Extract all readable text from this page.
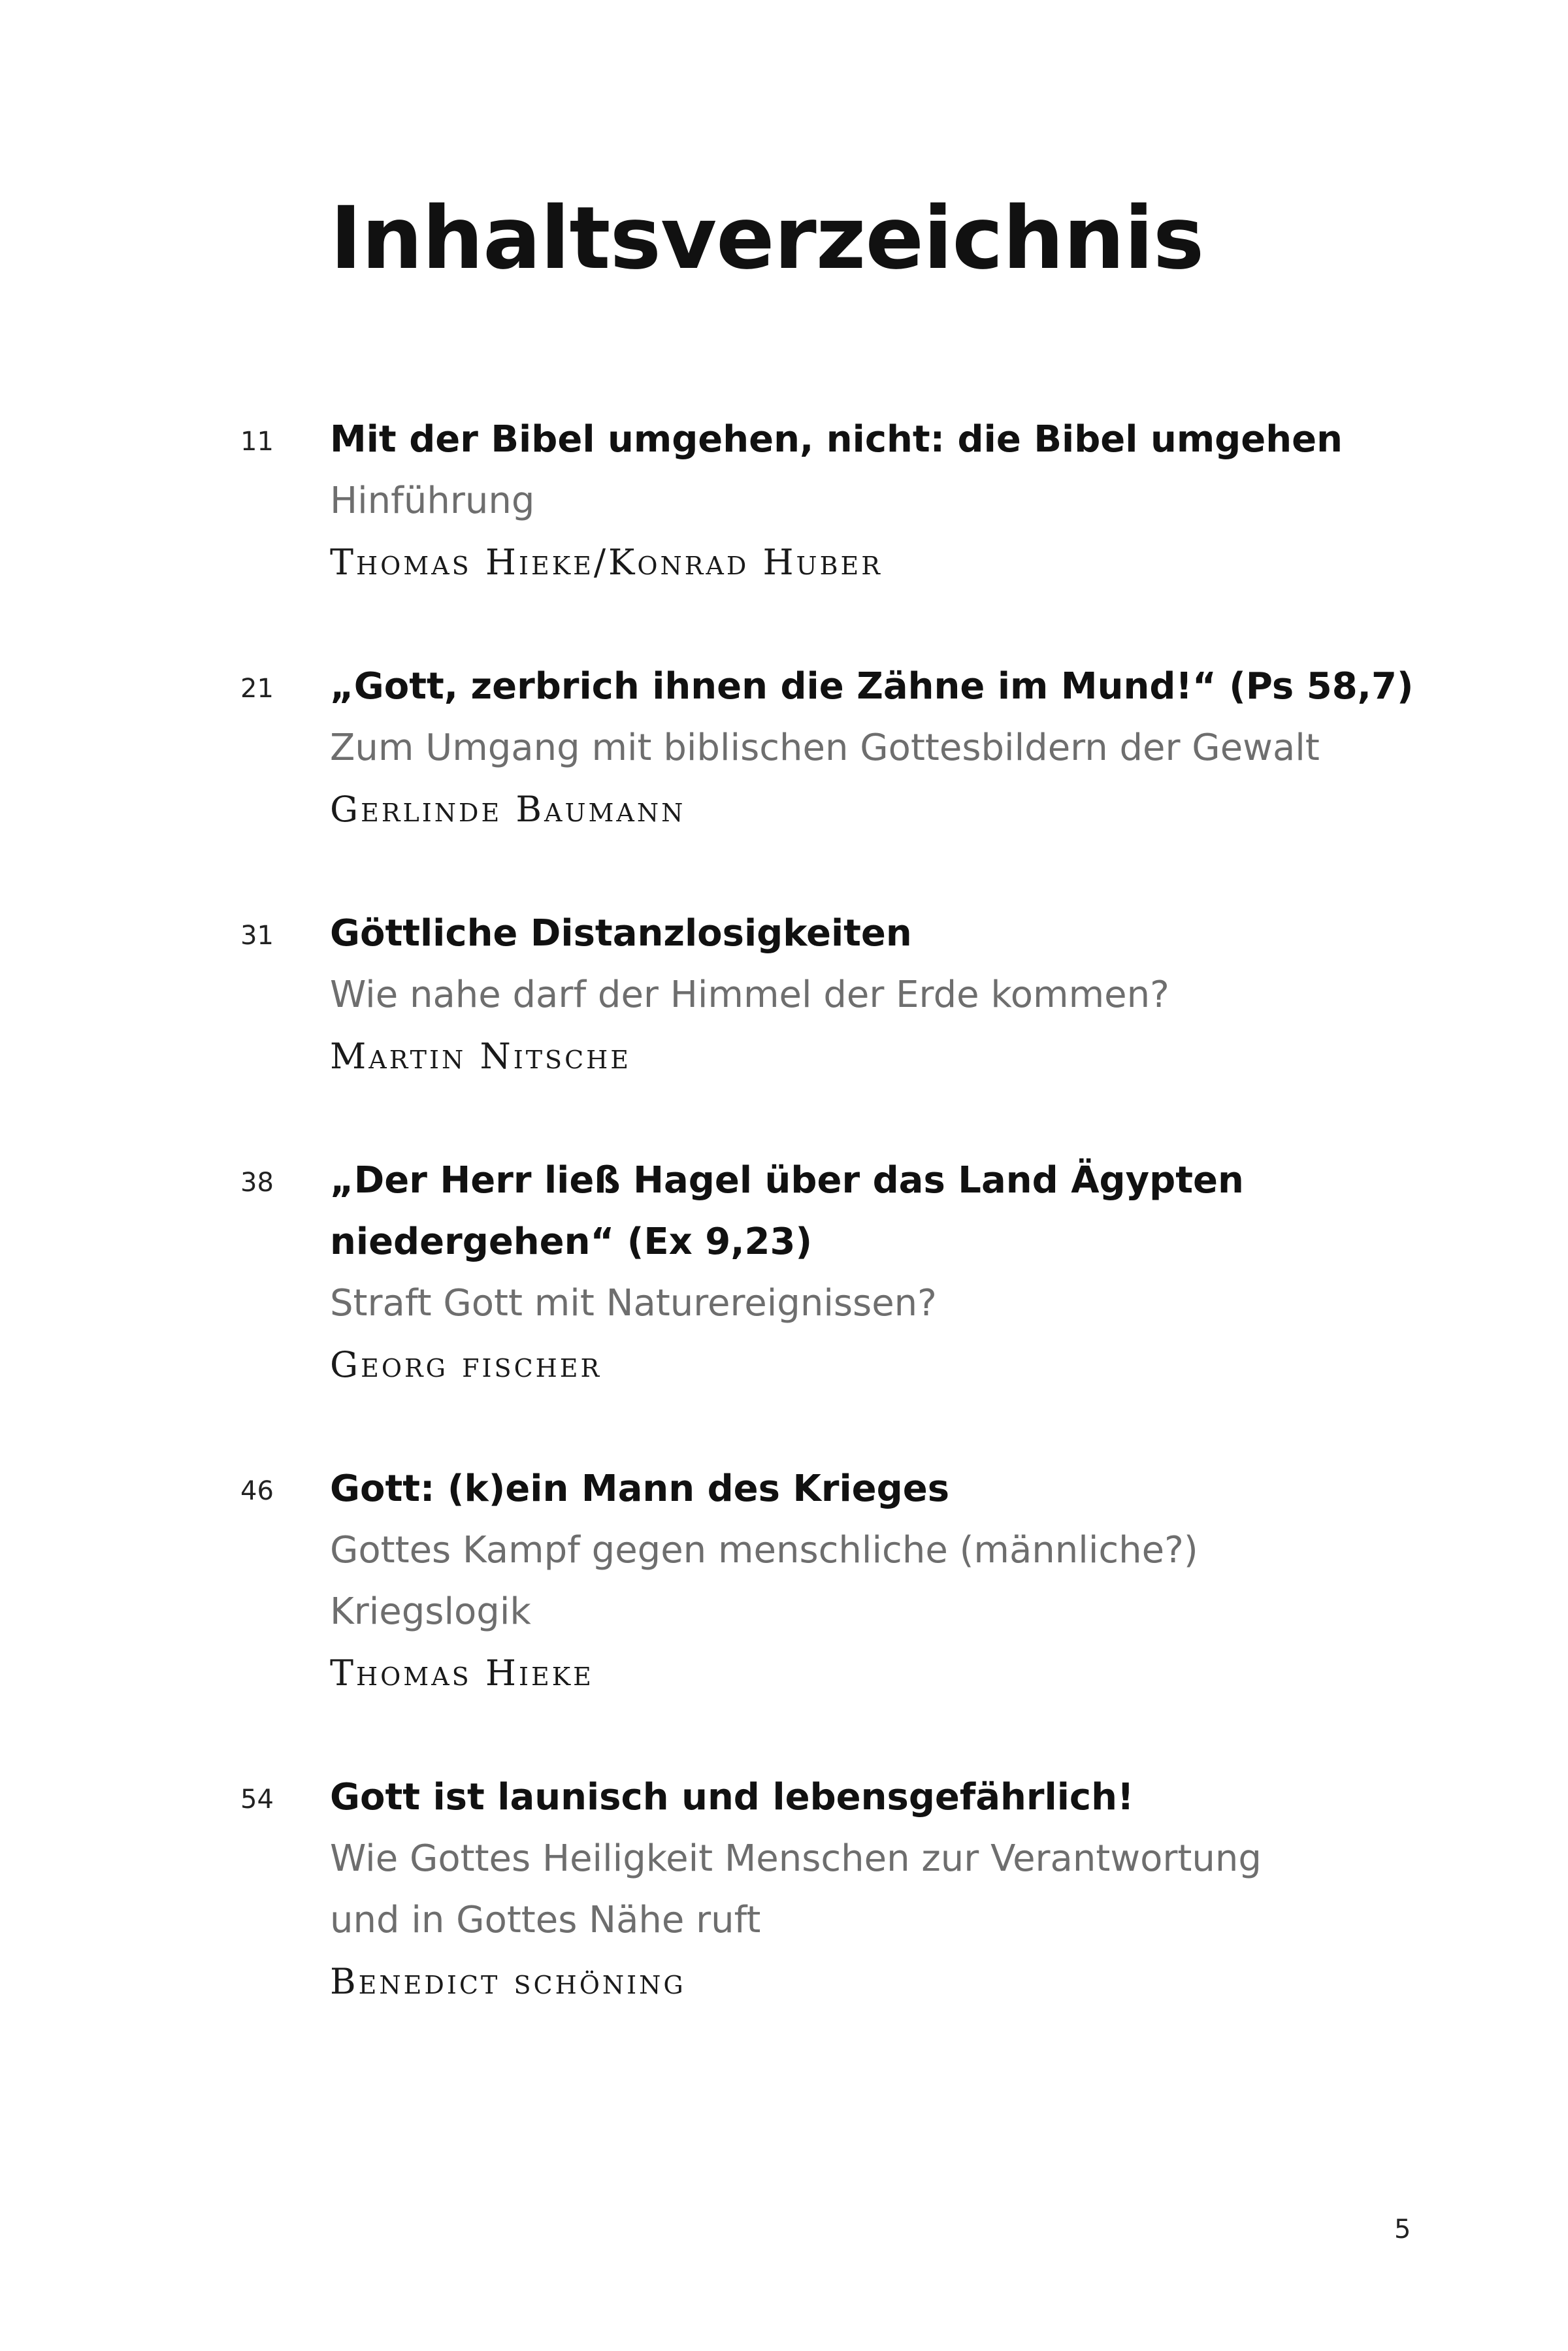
Inhaltsverzeichnis
11 Mit der Bibel umgehen, nicht: die Bibel umgehen
Hinführung
Thomas Hieke/Konrad Huber
21 „Gott, zerbrich ihnen die Zähne im Mund!“ (Ps 58,7)
Zum Umgang mit biblischen Gottesbildern der Gewalt
Gerlinde Baumann
31 Göttliche Distanzlosigkeiten
Wie nahe darf der Himmel der Erde kommen?
Martin Nitsche
38 „Der Herr ließ Hagel über das Land Ägypten
niedergehen“ (Ex 9,23)
Straft Gott mit Naturereignissen?
Georg fischer
46 Gott: (k)ein Mann des Krieges
Gottes Kampf gegen menschliche (männliche?)
Kriegslogik
Thomas Hieke
54 Gott ist launisch und lebensgefährlich!
Wie Gottes Heiligkeit Menschen zur Verantwortung
und in Gottes Nähe ruft
Benedict schöning
5
